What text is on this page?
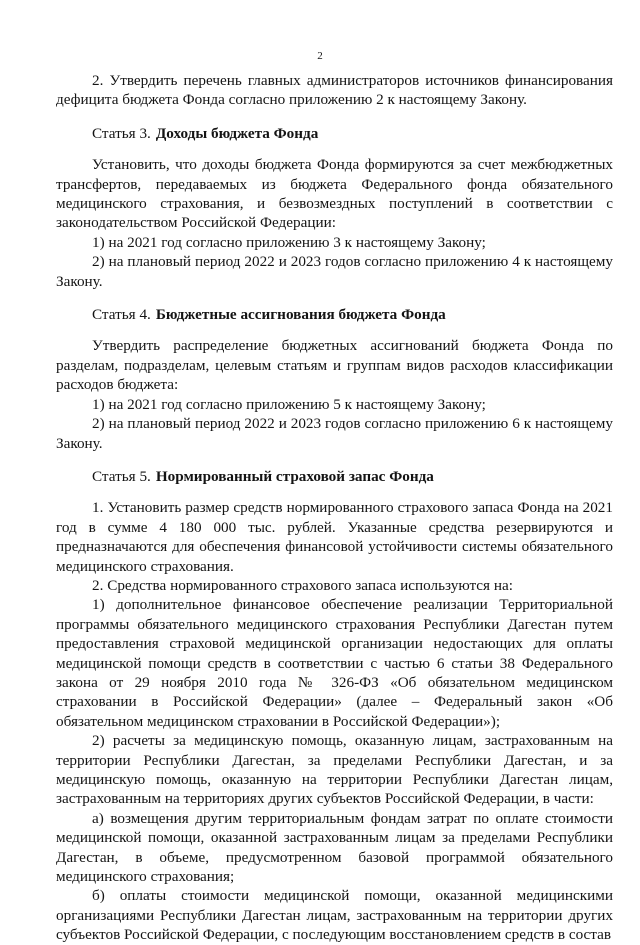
2

2. Утвердить перечень главных администраторов источников финансирования дефицита бюджета Фонда согласно приложению 2 к настоящему Закону.

Статья 3. Доходы бюджета Фонда

Установить, что доходы бюджета Фонда формируются за счет межбюджетных трансфертов, передаваемых из бюджета Федерального фонда обязательного медицинского страхования, и безвозмездных поступлений в соответствии с законодательством Российской Федерации:

1) на 2021 год согласно приложению 3 к настоящему Закону;

2) на плановый период 2022 и 2023 годов согласно приложению 4 к настоящему Закону.

Статья 4. Бюджетные ассигнования бюджета Фонда

Утвердить распределение бюджетных ассигнований бюджета Фонда по разделам, подразделам, целевым статьям и группам видов расходов классификации расходов бюджета:

1) на 2021 год согласно приложению 5 к настоящему Закону;

2) на плановый период 2022 и 2023 годов согласно приложению 6 к настоящему Закону.

Статья 5. Нормированный страховой запас Фонда

1. Установить размер средств нормированного страхового запаса Фонда на 2021 год в сумме 4 180 000 тыс. рублей. Указанные средства резервируются и предназначаются для обеспечения финансовой устойчивости системы обязательного медицинского страхования.

2. Средства нормированного страхового запаса используются на:

1) дополнительное финансовое обеспечение реализации Территориальной программы обязательного медицинского страхования Республики Дагестан путем предоставления страховой медицинской организации недостающих для оплаты медицинской помощи средств в соответствии с частью 6 статьи 38 Федерального закона от 29 ноября 2010 года № 326-ФЗ «Об обязательном медицинском страховании в Российской Федерации» (далее – Федеральный закон «Об обязательном медицинском страховании в Российской Федерации»);

2) расчеты за медицинскую помощь, оказанную лицам, застрахованным на территории Республики Дагестан, за пределами Республики Дагестан, и за медицинскую помощь, оказанную на территории Республики Дагестан лицам, застрахованным на территориях других субъектов Российской Федерации, в части:

а) возмещения другим территориальным фондам затрат по оплате стоимости медицинской помощи, оказанной застрахованным лицам за пределами Республики Дагестан, в объеме, предусмотренном базовой программой обязательного медицинского страхования;

б) оплаты стоимости медицинской помощи, оказанной медицинскими организациями Республики Дагестан лицам, застрахованным на территории других субъектов Российской Федерации, с последующим восстановлением средств в состав
